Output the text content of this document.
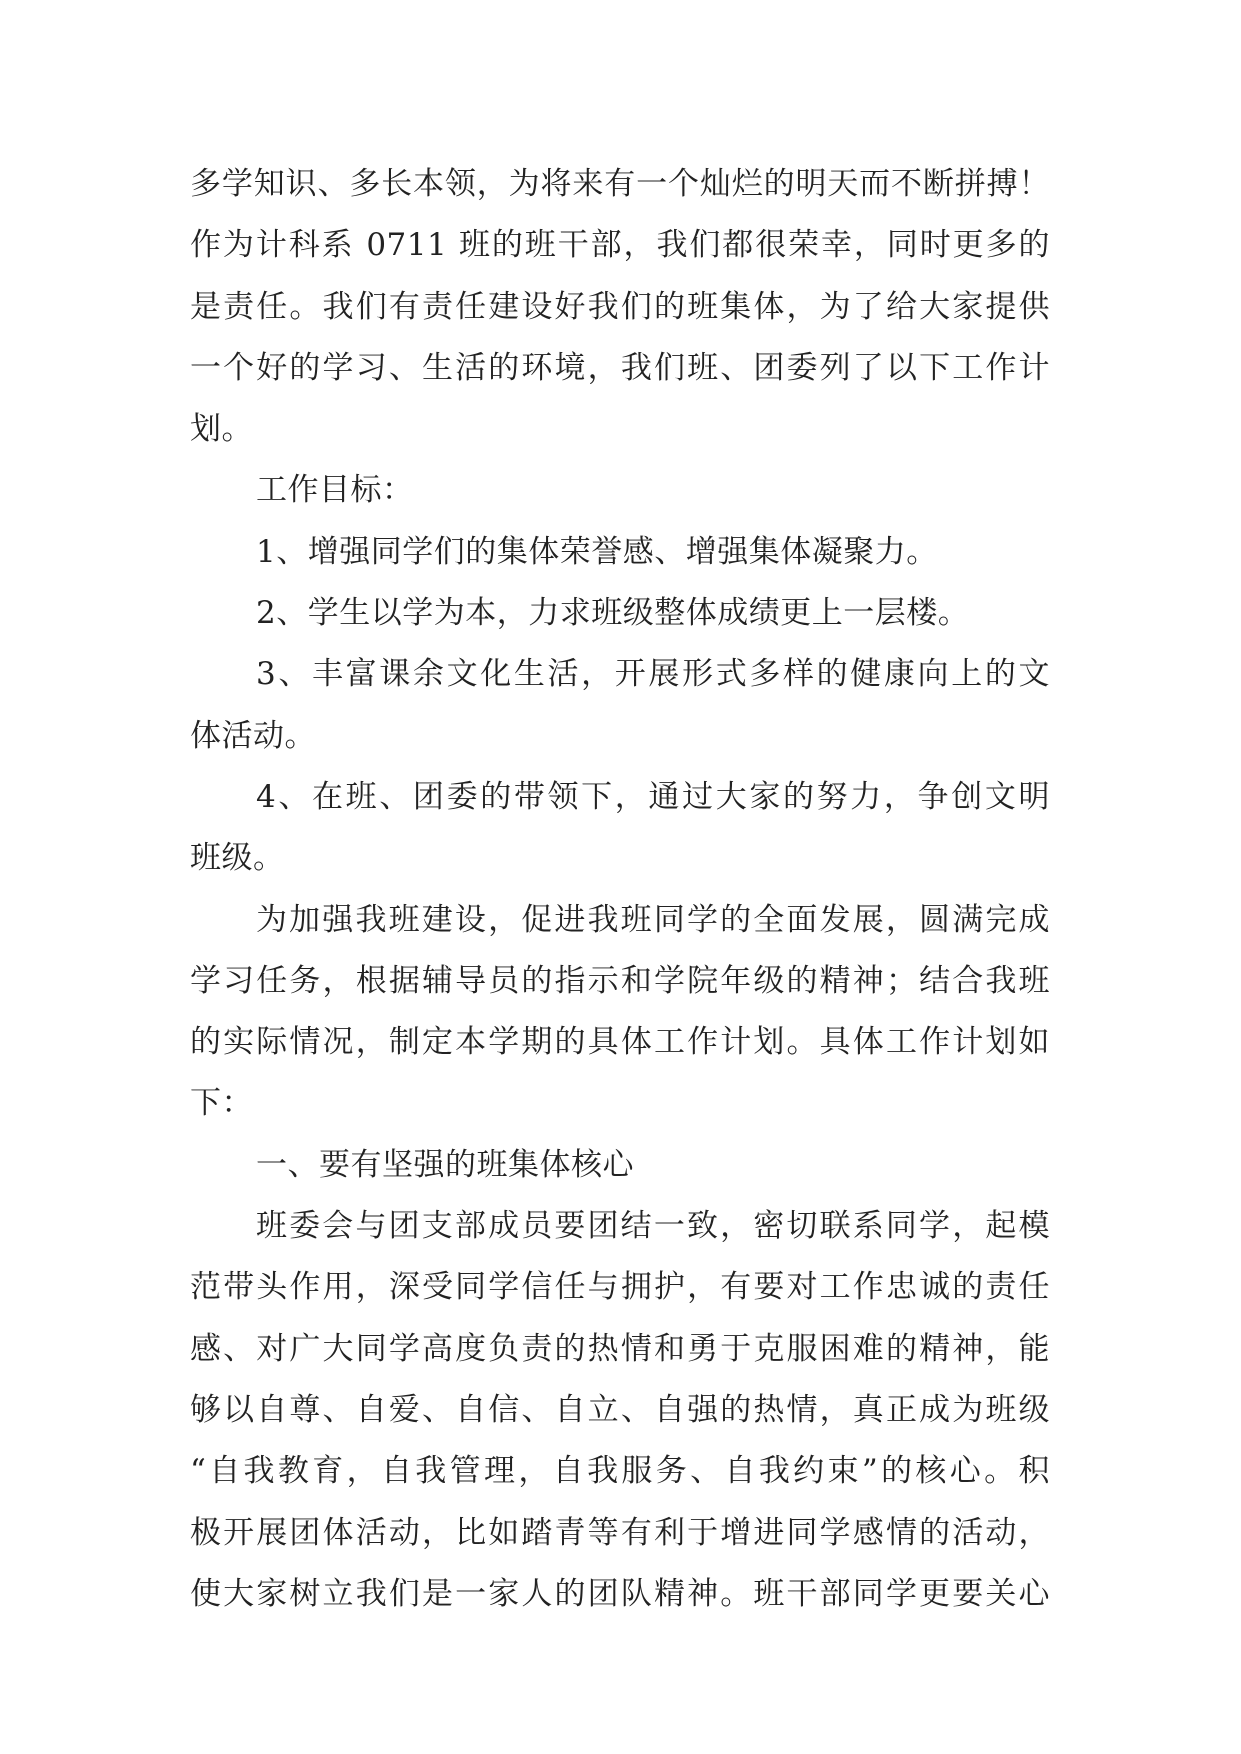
多学知识、多长本领，为将来有一个灿烂的明天而不断拼搏！
作为计科系 0711 班的班干部，我们都很荣幸，同时更多的
是责任。我们有责任建设好我们的班集体，为了给大家提供
一个好的学习、生活的环境，我们班、团委列了以下工作计
划。
工作目标：
1、增强同学们的集体荣誉感、增强集体凝聚力。
2、学生以学为本，力求班级整体成绩更上一层楼。
3、丰富课余文化生活，开展形式多样的健康向上的文
体活动。
4、在班、团委的带领下，通过大家的努力，争创文明
班级。
为加强我班建设，促进我班同学的全面发展，圆满完成
学习任务，根据辅导员的指示和学院年级的精神；结合我班
的实际情况，制定本学期的具体工作计划。具体工作计划如
下：
一、要有坚强的班集体核心
班委会与团支部成员要团结一致，密切联系同学，起模
范带头作用，深受同学信任与拥护，有要对工作忠诚的责任
感、对广大同学高度负责的热情和勇于克服困难的精神，能
够以自尊、自爱、自信、自立、自强的热情，真正成为班级
“自我教育，自我管理，自我服务、自我约束”的核心。积
极开展团体活动，比如踏青等有利于增进同学感情的活动，
使大家树立我们是一家人的团队精神。班干部同学更要关心
